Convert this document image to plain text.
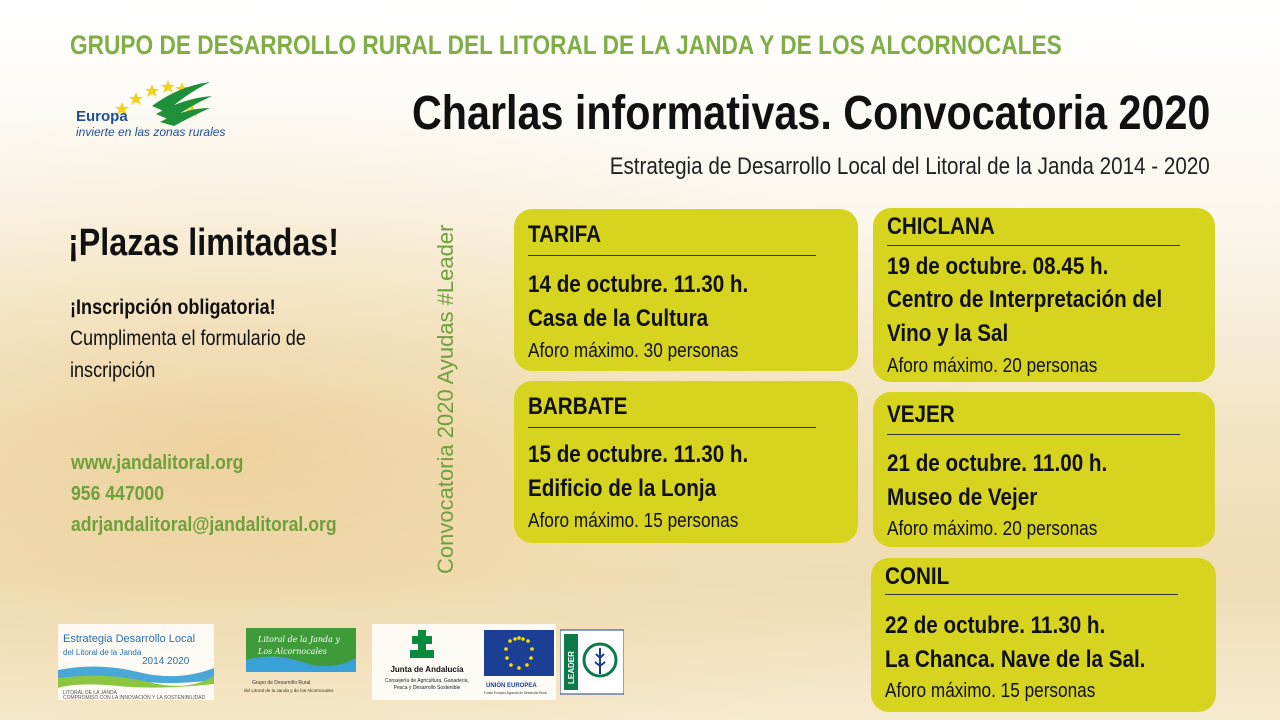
GRUPO DE DESARROLLO RURAL DEL LITORAL DE LA JANDA Y DE LOS ALCORNOCALES
Europa
invierte en las zonas rurales	Charlas informativas. Convocatoria 2020
Estrategia de Desarrollo Local del Litoral de la Janda 2014 - 2020
¡Plazas limitadas!
¡Inscripción obligatoria!
Cumplimenta el formulario de
inscripción
www.jandalitoral.org
956 447000
adrjandalitoral@jandalitoral.org	Convocatoria 2020 Ayudas #Leader	TARIFA
14 de octubre. 11.30 h.
Casa de la Cultura
Aforo máximo. 30 personas
BARBATE
15 de octubre. 11.30 h.
Edificio de la Lonja
Aforo máximo. 15 personas
CHICLANA
19 de octubre. 08.45 h.
Centro de Interpretación del
Vino y la Sal
Aforo máximo. 20 personas
VEJER
21 de octubre. 11.00 h.
Museo de Vejer
Aforo máximo. 20 personas
CONIL
22 de octubre. 11.30 h.
La Chanca. Nave de la Sal.
Aforo máximo. 15 personas
Estrategia Desarrollo Local
del Litoral de la Janda
2014 2020
LITORAL DE LA JANDA
COMPROMISO CON LA INNOVACIÓN Y LA SOSTENIBILIDAD
Litoral de la Janda y
Los Alcornocales
Grupo de Desarrollo Rural
del Litoral de la Janda y de los Alcornocales
Junta de Andalucía
Consejería de Agricultura, Ganadería,
Pesca y Desarrollo Sostenible	UNIÓN EUROPEA
Fondo Europeo Agrícola de Desarrollo Rural
LEADER
